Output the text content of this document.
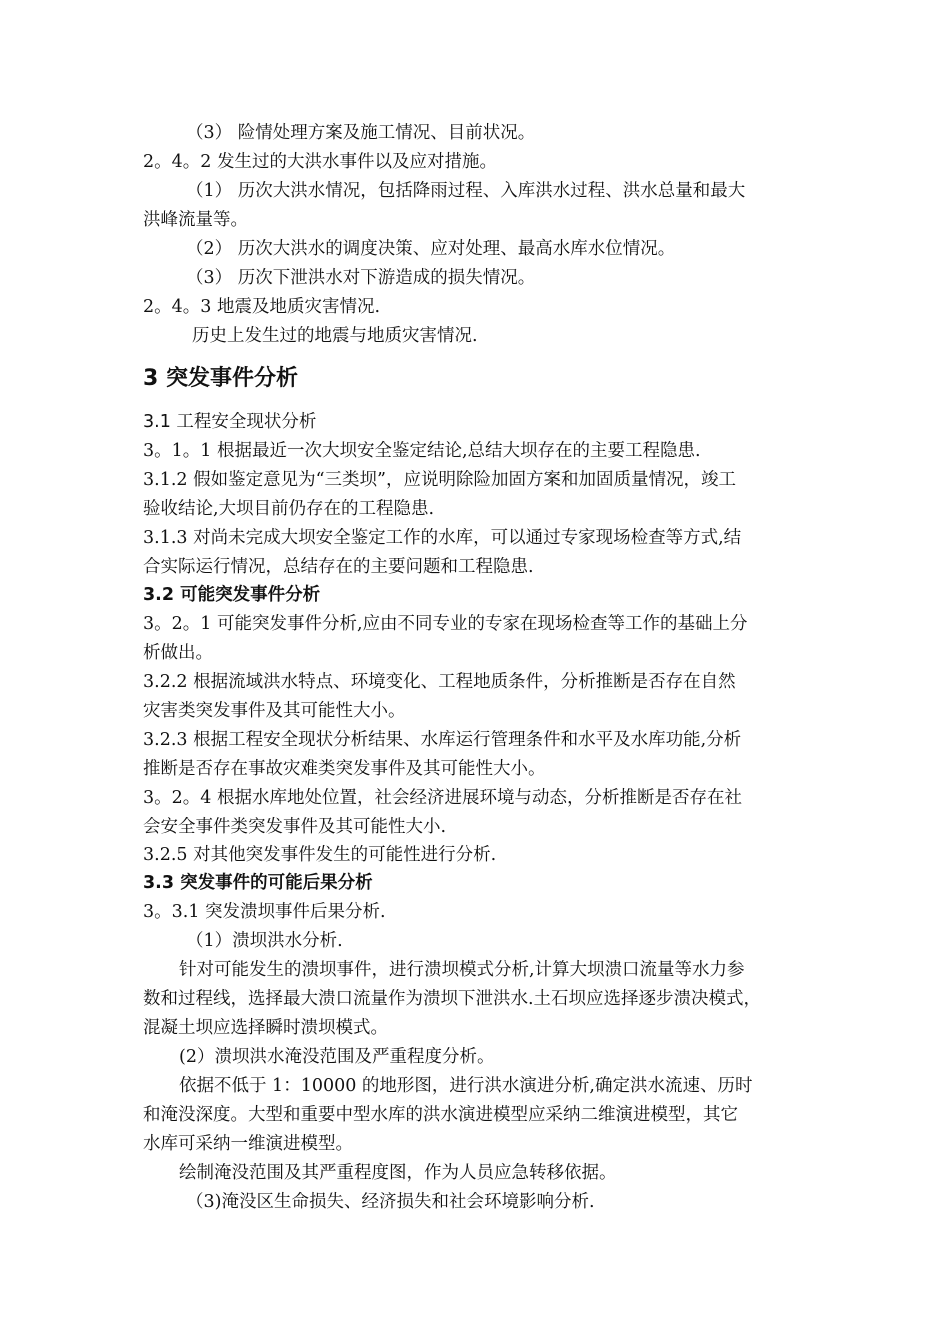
（3） 险情处理方案及施工情况、目前状况。
2。4。2 发生过的大洪水事件以及应对措施。
（1） 历次大洪水情况，包括降雨过程、入库洪水过程、洪水总量和最大
洪峰流量等。
（2） 历次大洪水的调度决策、应对处理、最高水库水位情况。
（3） 历次下泄洪水对下游造成的损失情况。
2。4。3 地震及地质灾害情况.
历史上发生过的地震与地质灾害情况.
3 突发事件分析
3.1 工程安全现状分析
3。1。1 根据最近一次大坝安全鉴定结论,总结大坝存在的主要工程隐患.
3.1.2 假如鉴定意见为“三类坝”，应说明除险加固方案和加固质量情况，竣工
验收结论,大坝目前仍存在的工程隐患.
3.1.3 对尚未完成大坝安全鉴定工作的水库，可以通过专家现场检查等方式,结
合实际运行情况，总结存在的主要问题和工程隐患.
3.2 可能突发事件分析
3。2。1 可能突发事件分析,应由不同专业的专家在现场检查等工作的基础上分
析做出。
3.2.2 根据流域洪水特点、环境变化、工程地质条件，分析推断是否存在自然
灾害类突发事件及其可能性大小。
3.2.3 根据工程安全现状分析结果、水库运行管理条件和水平及水库功能,分析
推断是否存在事故灾难类突发事件及其可能性大小。
3。2。4 根据水库地处位置，社会经济进展环境与动态，分析推断是否存在社
会安全事件类突发事件及其可能性大小.
3.2.5 对其他突发事件发生的可能性进行分析.
3.3 突发事件的可能后果分析
3。3.1 突发溃坝事件后果分析.
（1）溃坝洪水分析.
针对可能发生的溃坝事件，进行溃坝模式分析,计算大坝溃口流量等水力参
数和过程线，选择最大溃口流量作为溃坝下泄洪水.土石坝应选择逐步溃决模式，
混凝土坝应选择瞬时溃坝模式。
(2）溃坝洪水淹没范围及严重程度分析。
依据不低于 1：10000 的地形图，进行洪水演进分析,确定洪水流速、历时
和淹没深度。大型和重要中型水库的洪水演进模型应采纳二维演进模型，其它
水库可采纳一维演进模型。
绘制淹没范围及其严重程度图，作为人员应急转移依据。
（3)淹没区生命损失、经济损失和社会环境影响分析.
